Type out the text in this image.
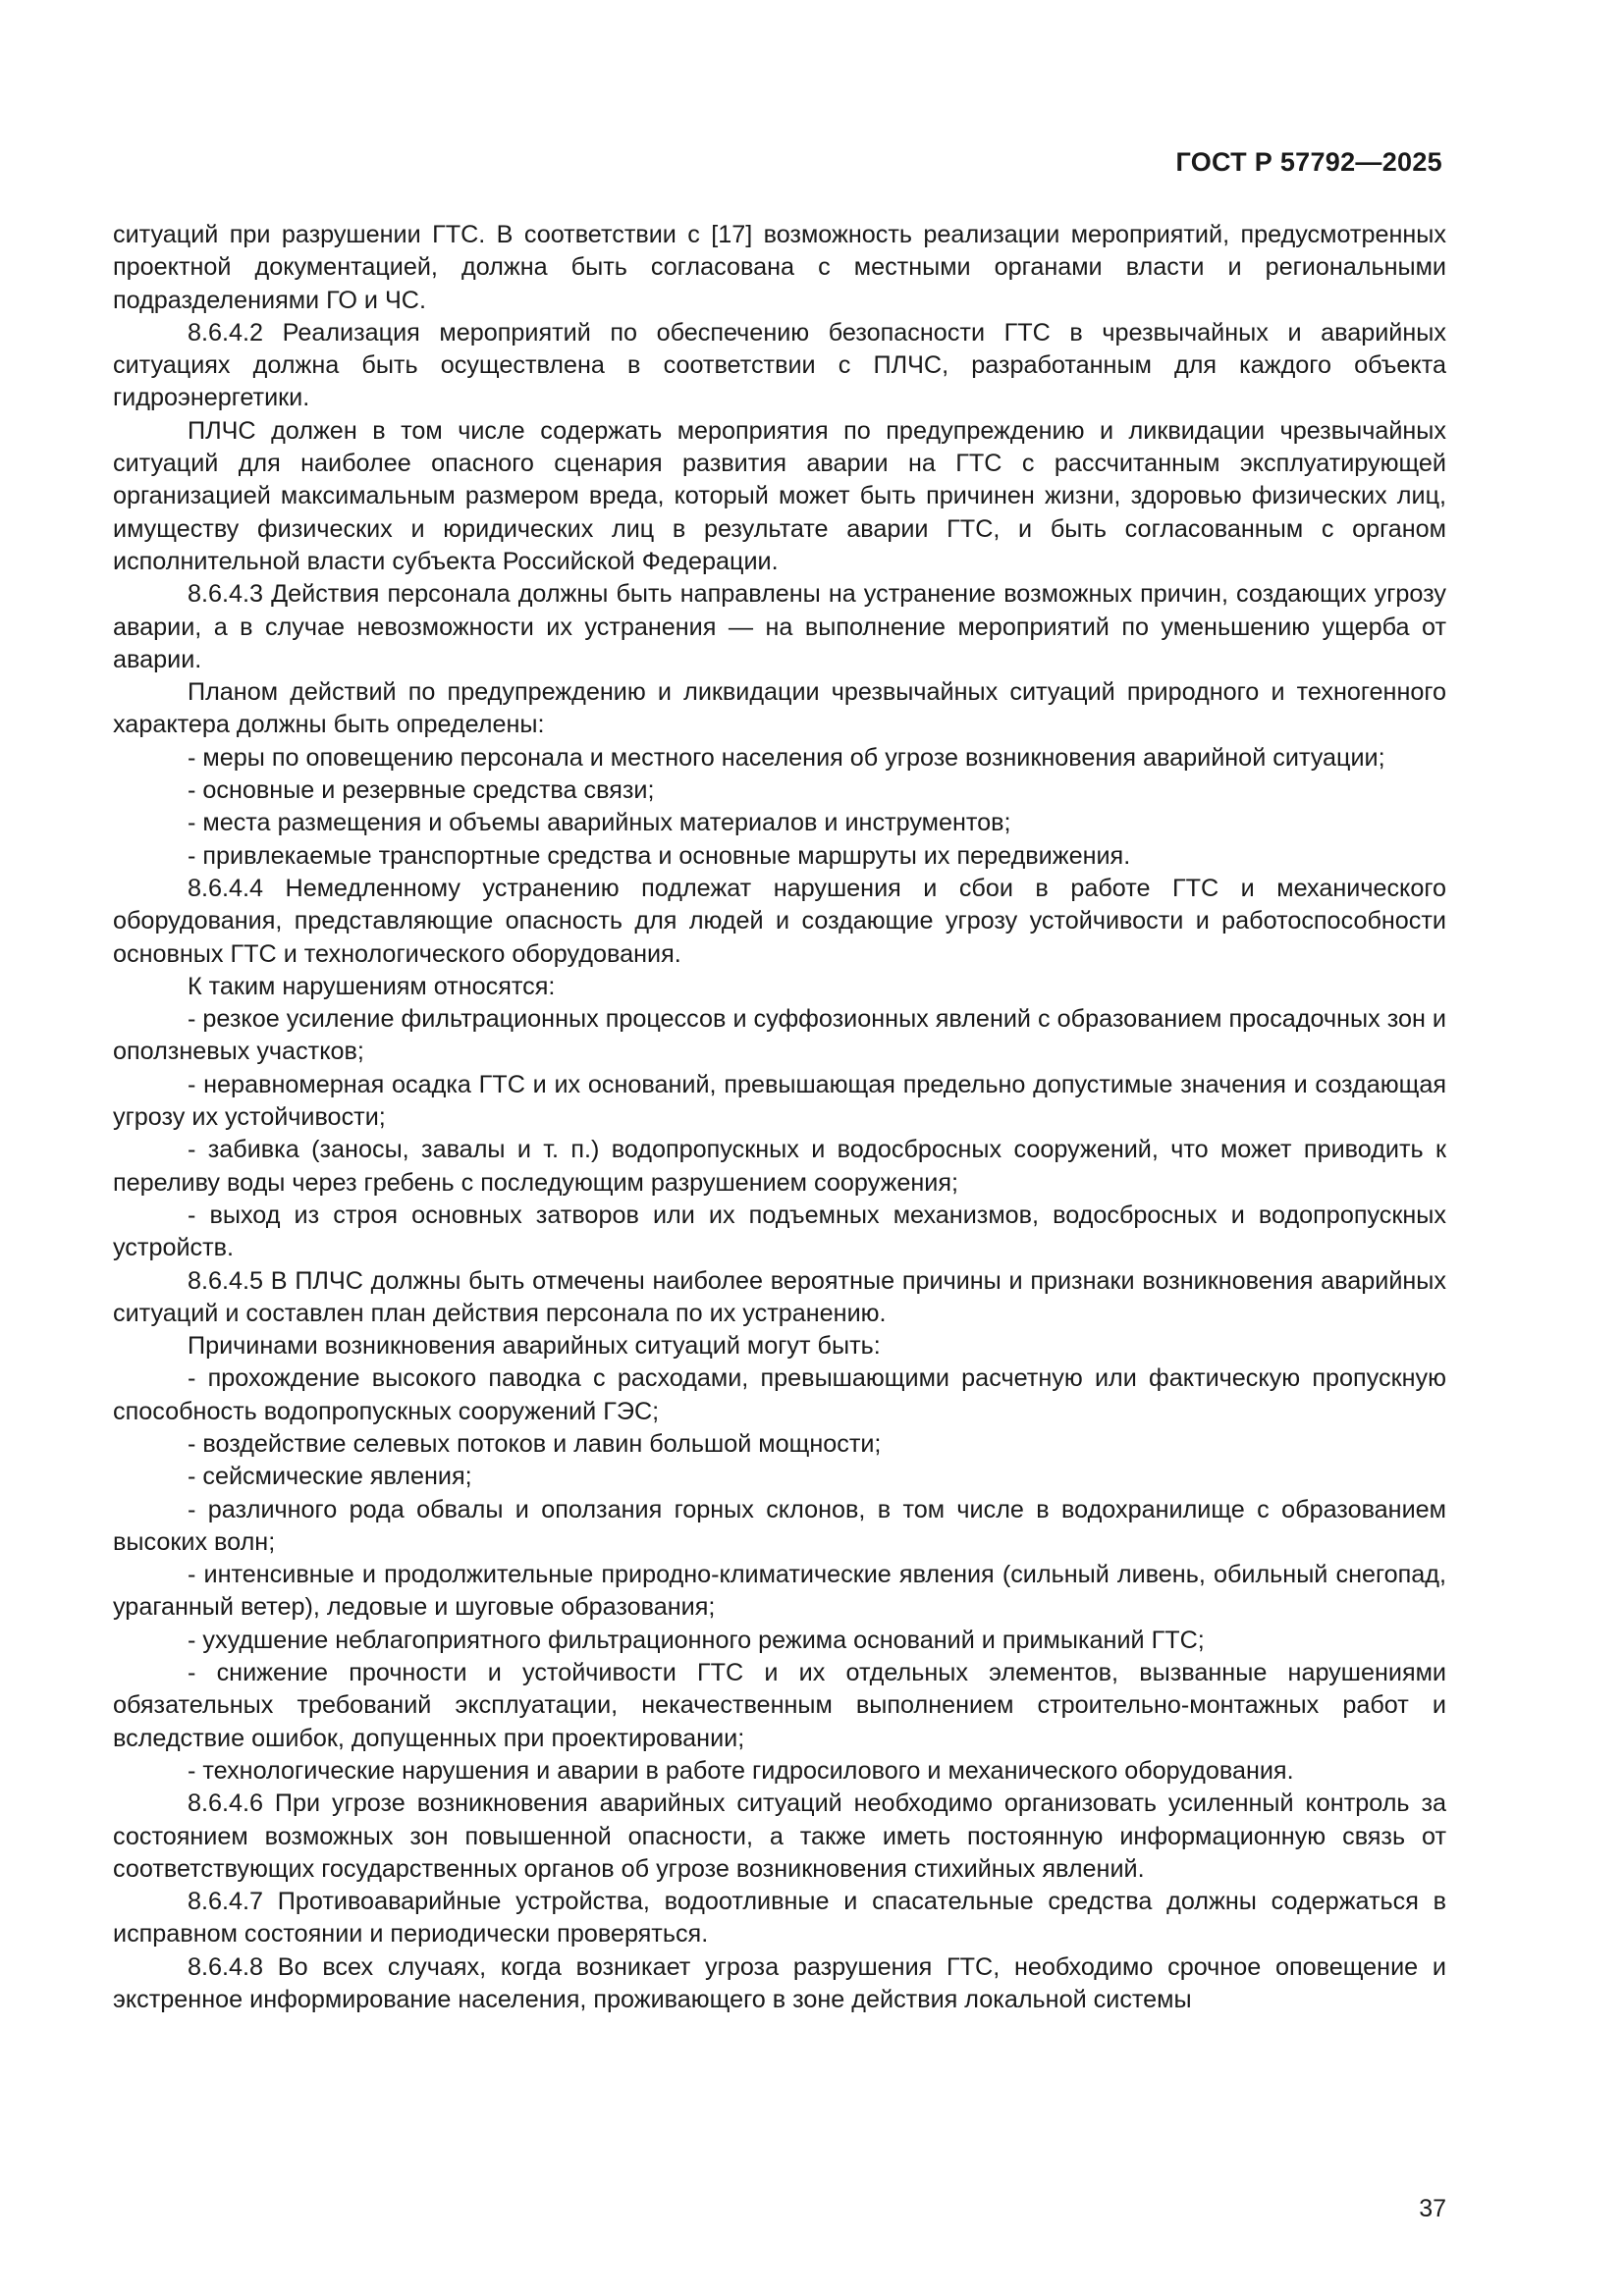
ГОСТ Р 57792—2025

ситуаций при разрушении ГТС. В соответствии с [17] возможность реализации мероприятий, предусмотренных проектной документацией, должна быть согласована с местными органами власти и региональными подразделениями ГО и ЧС.

8.6.4.2 Реализация мероприятий по обеспечению безопасности ГТС в чрезвычайных и аварийных ситуациях должна быть осуществлена в соответствии с ПЛЧС, разработанным для каждого объекта гидроэнергетики.

ПЛЧС должен в том числе содержать мероприятия по предупреждению и ликвидации чрезвычайных ситуаций для наиболее опасного сценария развития аварии на ГТС с рассчитанным эксплуатирующей организацией максимальным размером вреда, который может быть причинен жизни, здоровью физических лиц, имуществу физических и юридических лиц в результате аварии ГТС, и быть согласованным с органом исполнительной власти субъекта Российской Федерации.

8.6.4.3 Действия персонала должны быть направлены на устранение возможных причин, создающих угрозу аварии, а в случае невозможности их устранения — на выполнение мероприятий по уменьшению ущерба от аварии.

Планом действий по предупреждению и ликвидации чрезвычайных ситуаций природного и техногенного характера должны быть определены:

- меры по оповещению персонала и местного населения об угрозе возникновения аварийной ситуации;

- основные и резервные средства связи;

- места размещения и объемы аварийных материалов и инструментов;

- привлекаемые транспортные средства и основные маршруты их передвижения.

8.6.4.4 Немедленному устранению подлежат нарушения и сбои в работе ГТС и механического оборудования, представляющие опасность для людей и создающие угрозу устойчивости и работоспособности основных ГТС и технологического оборудования.

К таким нарушениям относятся:

- резкое усиление фильтрационных процессов и суффозионных явлений с образованием просадочных зон и оползневых участков;

- неравномерная осадка ГТС и их оснований, превышающая предельно допустимые значения и создающая угрозу их устойчивости;

- забивка (заносы, завалы и т. п.) водопропускных и водосбросных сооружений, что может приводить к переливу воды через гребень с последующим разрушением сооружения;

- выход из строя основных затворов или их подъемных механизмов, водосбросных и водопропускных устройств.

8.6.4.5 В ПЛЧС должны быть отмечены наиболее вероятные причины и признаки возникновения аварийных ситуаций и составлен план действия персонала по их устранению.

Причинами возникновения аварийных ситуаций могут быть:

- прохождение высокого паводка с расходами, превышающими расчетную или фактическую пропускную способность водопропускных сооружений ГЭС;

- воздействие селевых потоков и лавин большой мощности;

- сейсмические явления;

- различного рода обвалы и оползания горных склонов, в том числе в водохранилище с образованием высоких волн;

- интенсивные и продолжительные природно-климатические явления (сильный ливень, обильный снегопад, ураганный ветер), ледовые и шуговые образования;

- ухудшение неблагоприятного фильтрационного режима оснований и примыканий ГТС;

- снижение прочности и устойчивости ГТС и их отдельных элементов, вызванные нарушениями обязательных требований эксплуатации, некачественным выполнением строительно-монтажных работ и вследствие ошибок, допущенных при проектировании;

- технологические нарушения и аварии в работе гидросилового и механического оборудования.

8.6.4.6 При угрозе возникновения аварийных ситуаций необходимо организовать усиленный контроль за состоянием возможных зон повышенной опасности, а также иметь постоянную информационную связь от соответствующих государственных органов об угрозе возникновения стихийных явлений.

8.6.4.7 Противоаварийные устройства, водоотливные и спасательные средства должны содержаться в исправном состоянии и периодически проверяться.

8.6.4.8 Во всех случаях, когда возникает угроза разрушения ГТС, необходимо срочное оповещение и экстренное информирование населения, проживающего в зоне действия локальной системы

37
